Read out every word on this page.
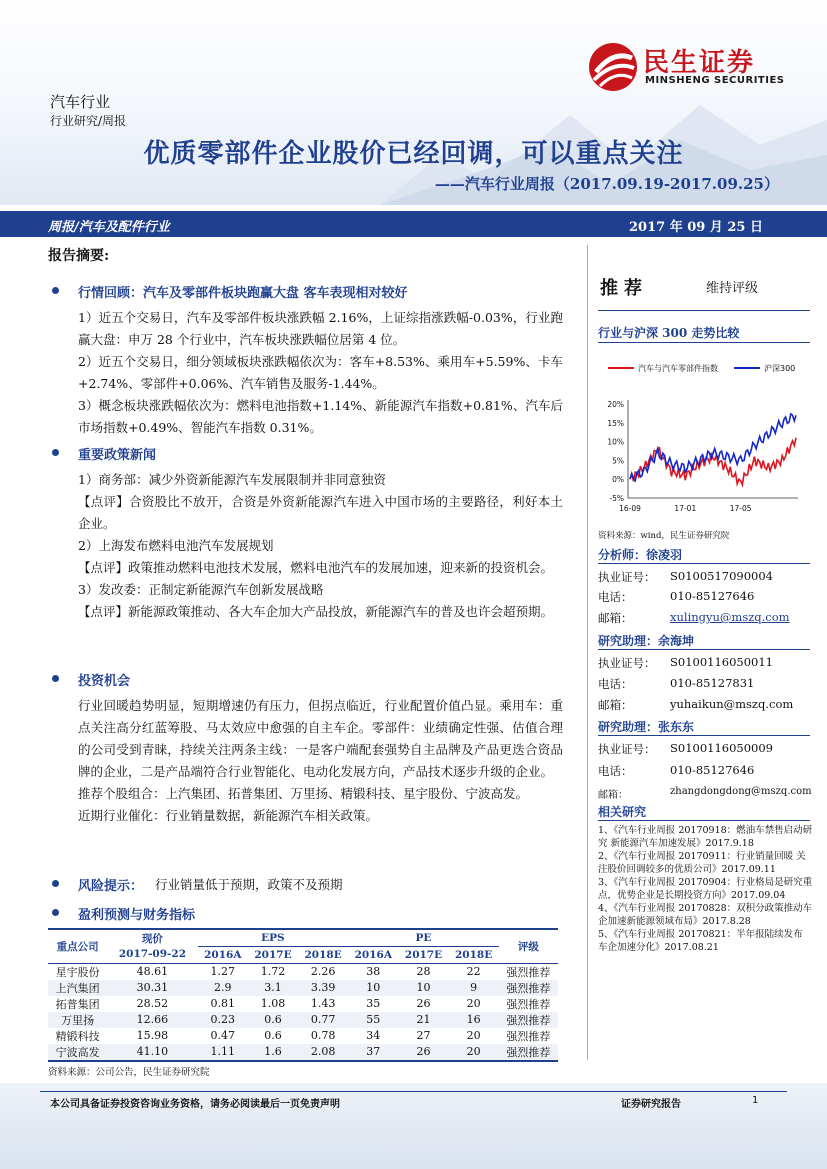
民生证券
MINSHENG SECURITIES
汽车行业
行业研究/周报
优质零部件企业股价已经回调，可以重点关注
——汽车行业周报（2017.09.19-2017.09.25）
周报/汽车及配件行业	2017 年 09 月 25 日
报告摘要:
行情回顾：汽车及零部件板块跑赢大盘 客车表现相对较好

1）近五个交易日，汽车及零部件板块涨跌幅 2.16%，上证综指涨跌幅-0.03%，行业跑赢大盘：申万 28 个行业中，汽车板块涨跌幅位居第 4 位。

2）近五个交易日，细分领域板块涨跌幅依次为：客车+8.53%、乘用车+5.59%、卡车+2.74%、零部件+0.06%、汽车销售及服务-1.44%。

3）概念板块涨跌幅依次为：燃料电池指数+1.14%、新能源汽车指数+0.81%、汽车后市场指数+0.49%、智能汽车指数 0.31%。

重要政策新闻

1）商务部：减少外资新能源汽车发展限制并非同意独资

【点评】合资股比不放开，合资是外资新能源汽车进入中国市场的主要路径，利好本土企业。

2）上海发布燃料电池汽车发展规划

【点评】政策推动燃料电池技术发展，燃料电池汽车的发展加速，迎来新的投资机会。

3）发改委：正制定新能源汽车创新发展战略

【点评】新能源政策推动、各大车企加大产品投放，新能源汽车的普及也许会超预期。

投资机会

行业回暖趋势明显，短期增速仍有压力，但拐点临近，行业配置价值凸显。乘用车：重点关注高分红蓝筹股、马太效应中愈强的自主车企。零部件：业绩确定性强、估值合理的公司受到青睐，持续关注两条主线：一是客户端配套强势自主品牌及产品更迭合资品牌的企业，二是产品端符合行业智能化、电动化发展方向，产品技术逐步升级的企业。

推荐个股组合：上汽集团、拓普集团、万里扬、精锻科技、星宇股份、宁波高发。

近期行业催化：行业销量数据，新能源汽车相关政策。

风险提示： 行业销量低于预期，政策不及预期
盈利预测与财务指标
重点公司	现价	EPS			PE			评级
	2017-09-22	2016A	2017E	2018E	2016A	2017E	2018E	
星宇股份	48.61	1.27	1.72	2.26	38	28	22	强烈推荐
上汽集团	30.31	2.9	3.1	3.39	10	10	9	强烈推荐
拓普集团	28.52	0.81	1.08	1.43	35	26	20	强烈推荐
万里扬	12.66	0.23	0.6	0.77	55	21	16	强烈推荐
精锻科技	15.98	0.47	0.6	0.78	34	27	20	强烈推荐
宁波高发	41.10	1.11	1.6	2.08	37	26	20	强烈推荐
资料来源：公司公告，民生证券研究院
推荐	维持评级
行业与沪深 300 走势比较
汽车与汽车零部件指数	沪深300
20%
15%
10%
5%
0%
-5%
16-09	17-01	17-05
资料来源：wind，民生证券研究院
分析师：徐凌羽
执业证号： S0100517090004
电话：	010-85127646
邮箱：	xulingyu@mszq.com
研究助理：余海坤
执业证号： S0100116050011
电话：	010-85127831
邮箱：	yuhaikun@mszq.com
研究助理：张东东
执业证号： S0100116050009
电话：	010-85127646
邮箱：	zhangdongdong@mszq.com
相关研究
1、《汽车行业周报 20170918：燃油车禁售启动研究 新能源汽车加速发展》2017.9.18
2、《汽车行业周报 20170911：行业销量回暖 关注股价回调较多的优质公司》2017.09.11
3、《汽车行业周报 20170904：行业格局是研究重点，优势企业是长期投资方向》2017.09.04
4、《汽车行业周报 20170828：双积分政策推动车企加速新能源领域布局》2017.8.28
5、《汽车行业周报 20170821：半年报陆续发布 车企加速分化》2017.08.21
本公司具备证券投资咨询业务资格，请务必阅读最后一页免责声明	证券研究报告	1
